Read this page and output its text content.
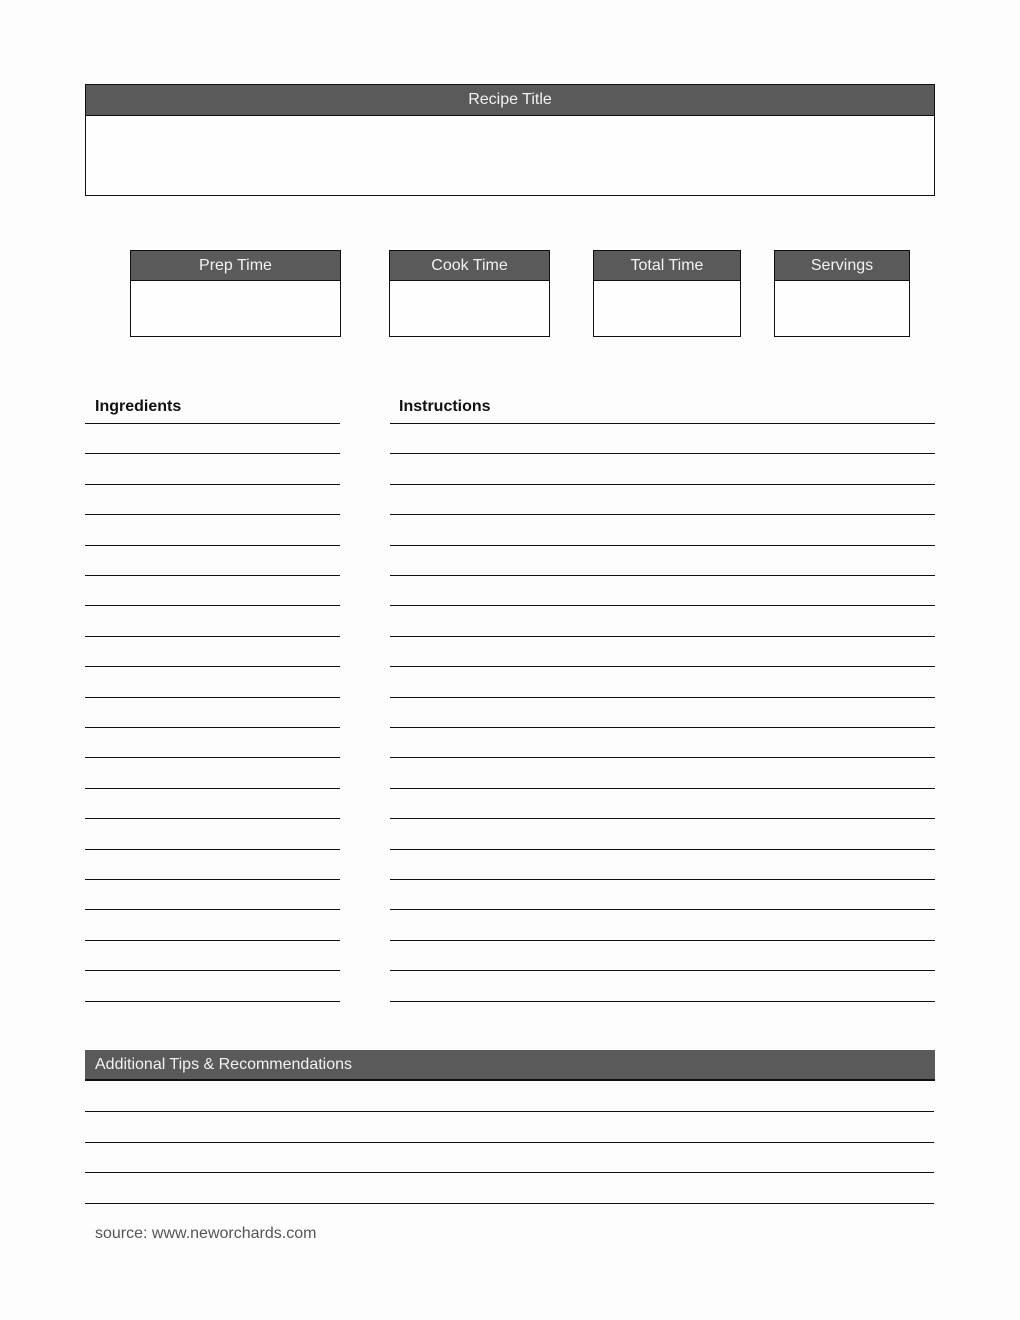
Recipe Title
Prep Time	Cook Time	Total Time	Servings
Ingredients	Instructions
Additional Tips & Recommendations
source: www.neworchards.com
